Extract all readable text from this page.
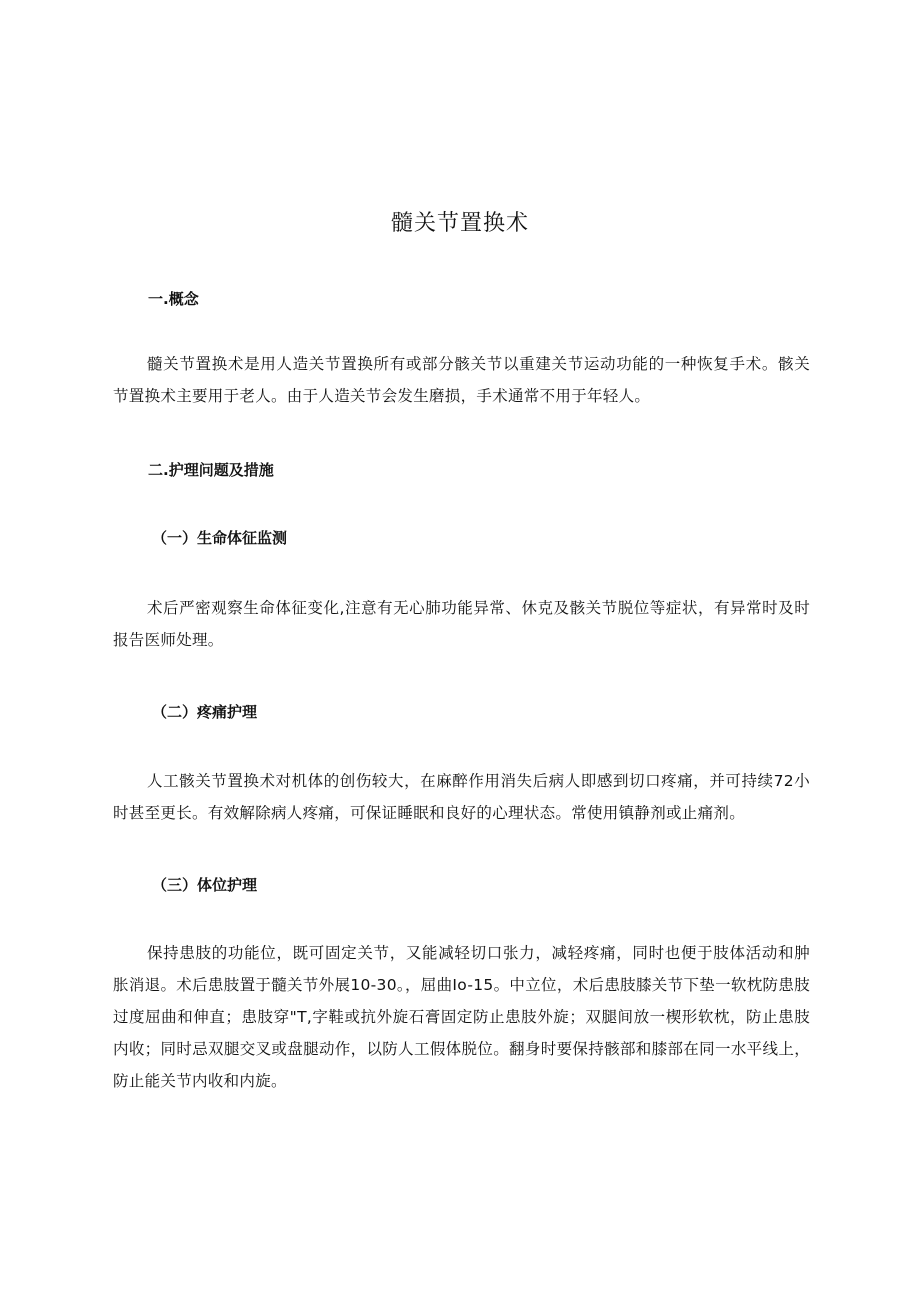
髓关节置换术
一.概念
髓关节置换术是用人造关节置换所有或部分骸关节以重建关节运动功能的一种恢复手术。骸关节置换术主要用于老人。由于人造关节会发生磨损，手术通常不用于年轻人。
二.护理问题及措施
（一）生命体征监测
术后严密观察生命体征变化,注意有无心肺功能异常、休克及骸关节脱位等症状，有异常时及时报告医师处理。
（二）疼痛护理
人工骸关节置换术对机体的创伤较大，在麻醉作用消失后病人即感到切口疼痛，并可持续72小时甚至更长。有效解除病人疼痛，可保证睡眠和良好的心理状态。常使用镇静剂或止痛剂。
（三）体位护理
保持患肢的功能位，既可固定关节，又能减轻切口张力，减轻疼痛，同时也便于肢体活动和肿胀消退。术后患肢置于髓关节外展10-30。，屈曲Io-15。中立位，术后患肢膝关节下垫一软枕防患肢过度屈曲和伸直；患肢穿"T,字鞋或抗外旋石膏固定防止患肢外旋；双腿间放一楔形软枕，防止患肢内收；同时忌双腿交叉或盘腿动作，以防人工假体脱位。翻身时要保持骸部和膝部在同一水平线上，防止能关节内收和内旋。
